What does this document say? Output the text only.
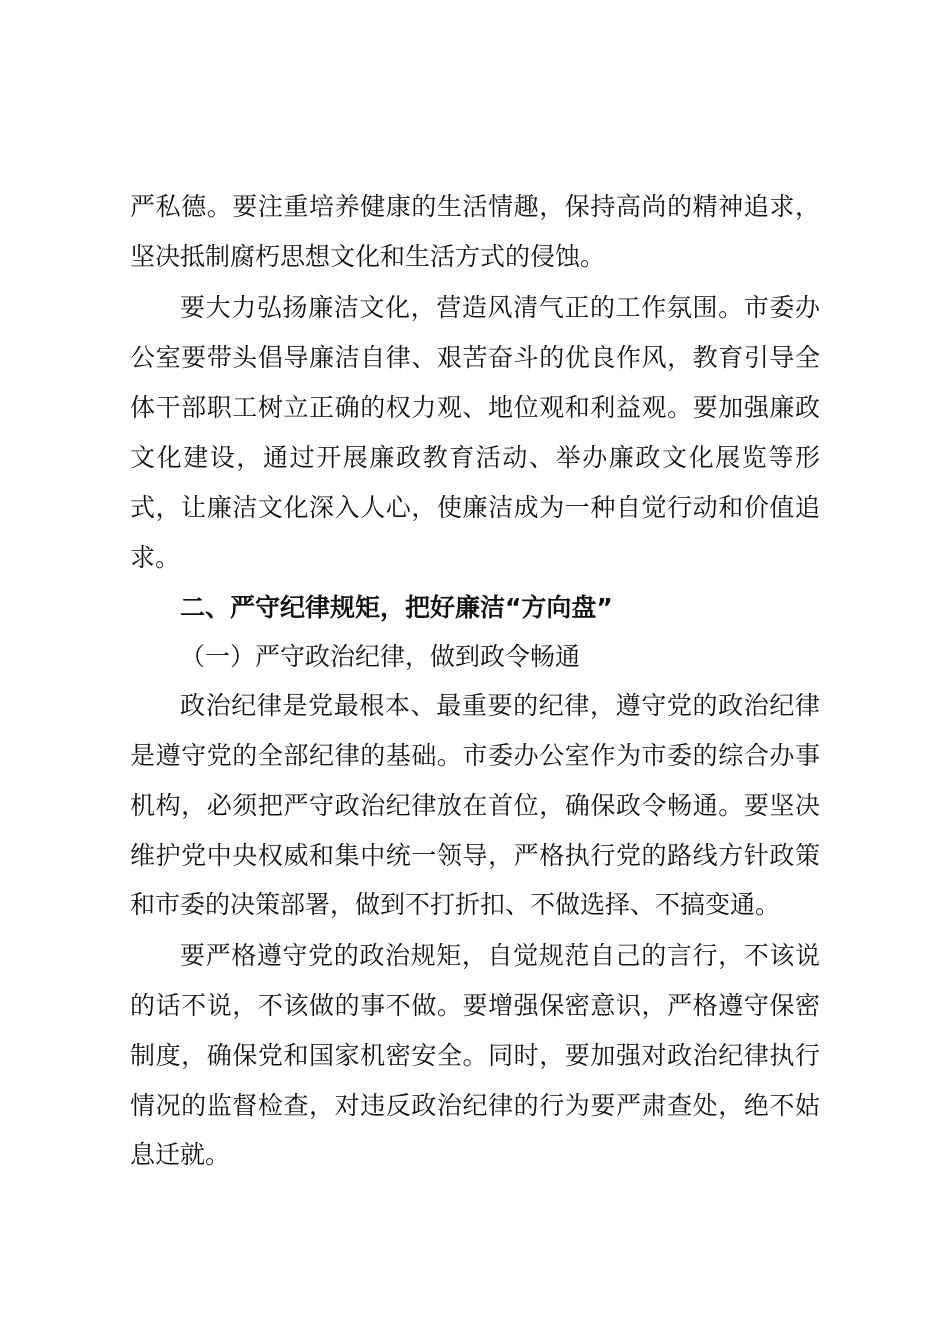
严私德。要注重培养健康的生活情趣，保持高尚的精神追求，
坚决抵制腐朽思想文化和生活方式的侵蚀。
要大力弘扬廉洁文化，营造风清气正的工作氛围。市委办
公室要带头倡导廉洁自律、艰苦奋斗的优良作风，教育引导全
体干部职工树立正确的权力观、地位观和利益观。要加强廉政
文化建设，通过开展廉政教育活动、举办廉政文化展览等形
式，让廉洁文化深入人心，使廉洁成为一种自觉行动和价值追
求。
二、严守纪律规矩，把好廉洁“方向盘”
（一）严守政治纪律，做到政令畅通
政治纪律是党最根本、最重要的纪律，遵守党的政治纪律
是遵守党的全部纪律的基础。市委办公室作为市委的综合办事
机构，必须把严守政治纪律放在首位，确保政令畅通。要坚决
维护党中央权威和集中统一领导，严格执行党的路线方针政策
和市委的决策部署，做到不打折扣、不做选择、不搞变通。
要严格遵守党的政治规矩，自觉规范自己的言行，不该说
的话不说，不该做的事不做。要增强保密意识，严格遵守保密
制度，确保党和国家机密安全。同时，要加强对政治纪律执行
情况的监督检查，对违反政治纪律的行为要严肃查处，绝不姑
息迁就。
